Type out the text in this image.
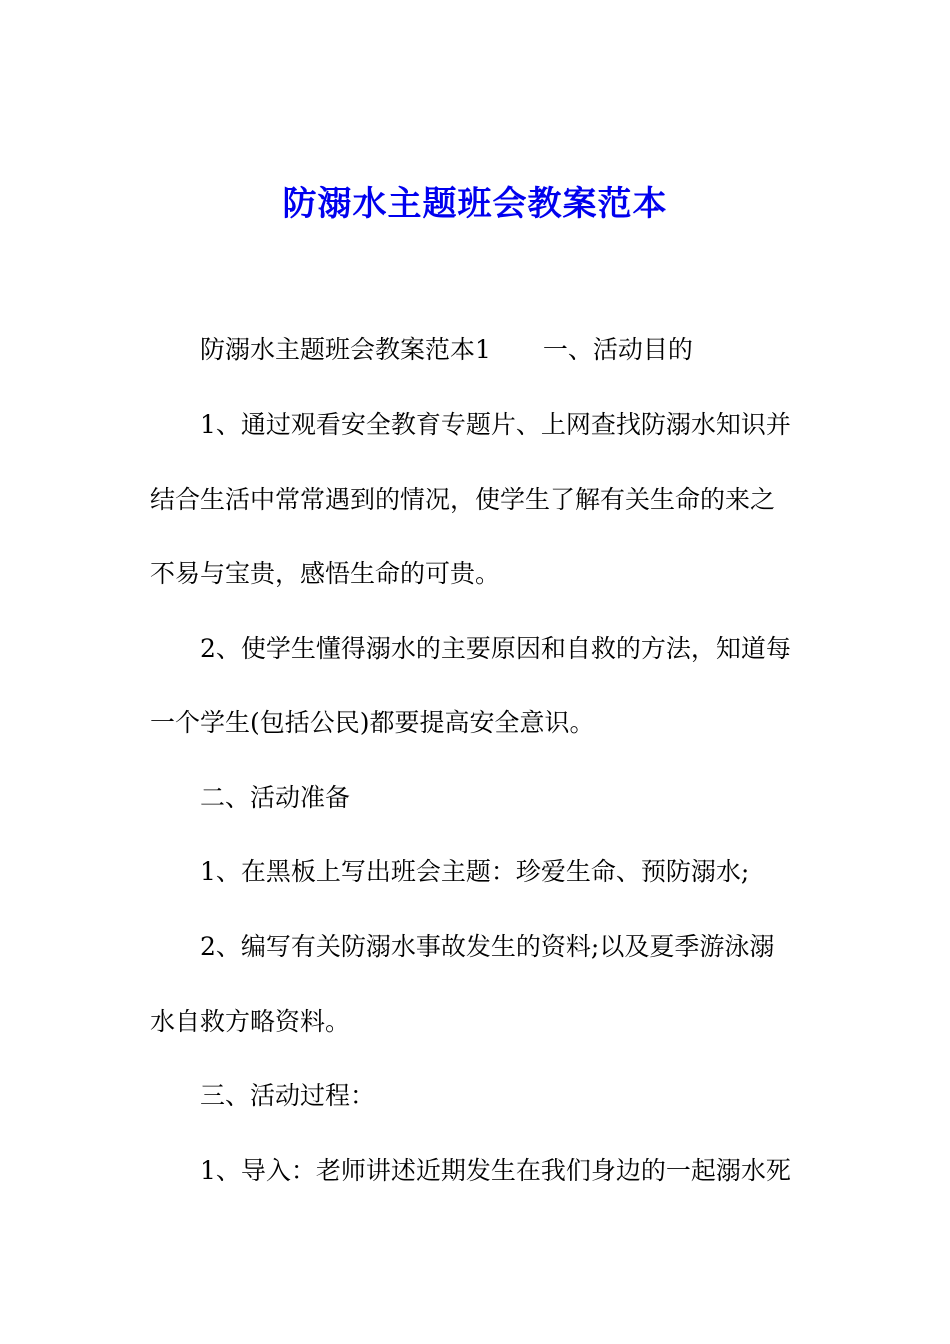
防溺水主题班会教案范本

防溺水主题班会教案范本1 一、活动目的

1、通过观看安全教育专题片、上网查找防溺水知识并

结合生活中常常遇到的情况，使学生了解有关生命的来之

不易与宝贵，感悟生命的可贵。

2、使学生懂得溺水的主要原因和自救的方法，知道每

一个学生(包括公民)都要提高安全意识。

二、活动准备

1、在黑板上写出班会主题：珍爱生命、预防溺水;

2、编写有关防溺水事故发生的资料;以及夏季游泳溺

水自救方略资料。

三、活动过程：

1、导入：老师讲述近期发生在我们身边的一起溺水死
